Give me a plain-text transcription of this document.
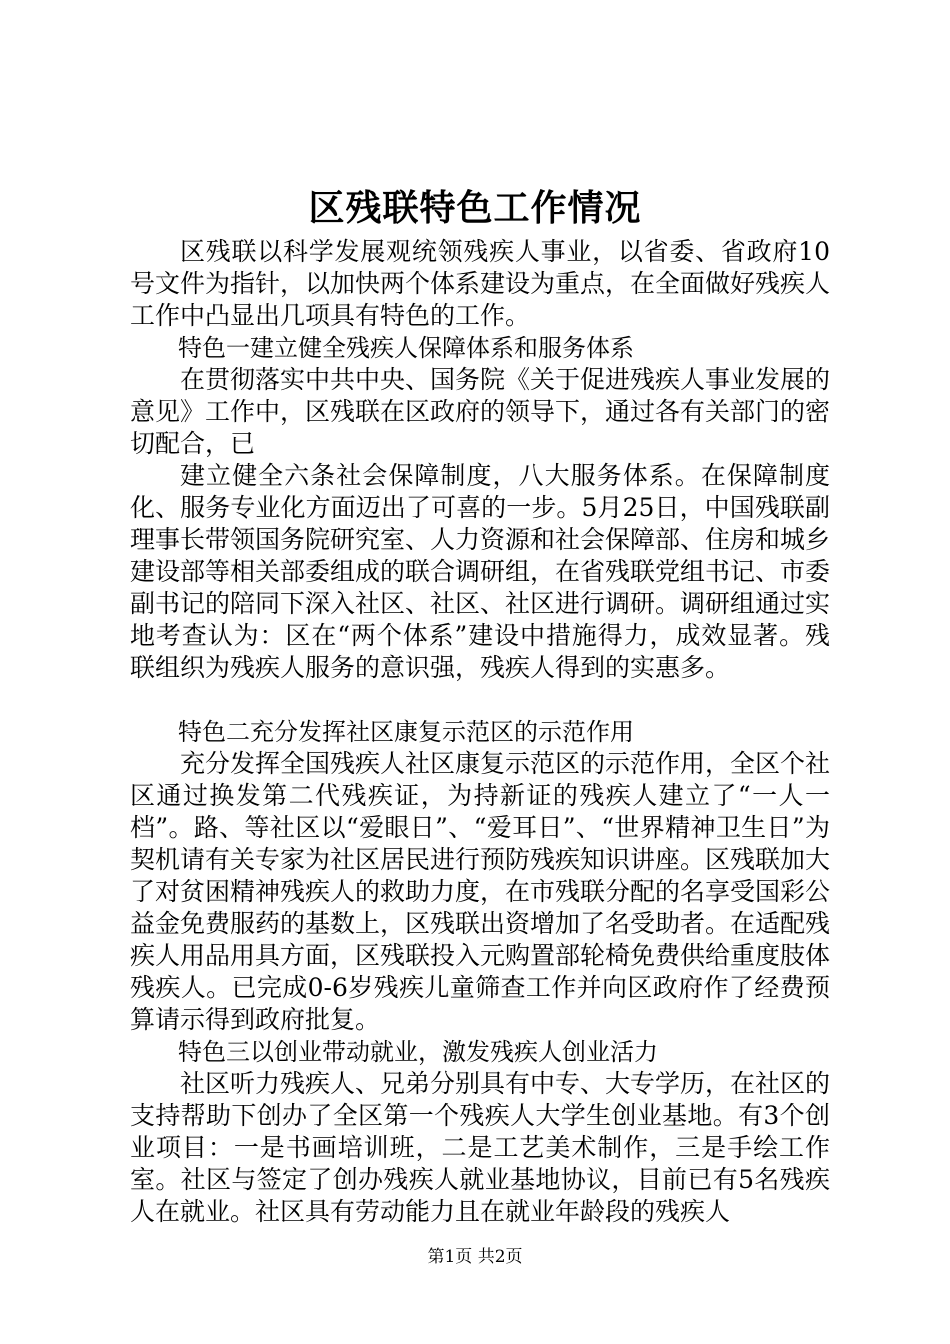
区残联特色工作情况

区残联以科学发展观统领残疾人事业，以省委、省政府10号文件为指针，以加快两个体系建设为重点，在全面做好残疾人工作中凸显出几项具有特色的工作。

特色一建立健全残疾人保障体系和服务体系

在贯彻落实中共中央、国务院《关于促进残疾人事业发展的意见》工作中，区残联在区政府的领导下，通过各有关部门的密切配合，已

建立健全六条社会保障制度，八大服务体系。在保障制度化、服务专业化方面迈出了可喜的一步。5月25日，中国残联副理事长带领国务院研究室、人力资源和社会保障部、住房和城乡建设部等相关部委组成的联合调研组，在省残联党组书记、市委副书记的陪同下深入社区、社区、社区进行调研。调研组通过实地考查认为：区在“两个体系”建设中措施得力，成效显著。残联组织为残疾人服务的意识强，残疾人得到的实惠多。

特色二充分发挥社区康复示范区的示范作用

充分发挥全国残疾人社区康复示范区的示范作用，全区个社区通过换发第二代残疾证，为持新证的残疾人建立了“一人一档”。路、等社区以“爱眼日”、“爱耳日”、“世界精神卫生日”为契机请有关专家为社区居民进行预防残疾知识讲座。区残联加大了对贫困精神残疾人的救助力度，在市残联分配的名享受国彩公益金免费服药的基数上，区残联出资增加了名受助者。在适配残疾人用品用具方面，区残联投入元购置部轮椅免费供给重度肢体残疾人。已完成0-6岁残疾儿童筛查工作并向区政府作了经费预算请示得到政府批复。

特色三以创业带动就业，激发残疾人创业活力

社区听力残疾人、兄弟分别具有中专、大专学历，在社区的支持帮助下创办了全区第一个残疾人大学生创业基地。有3个创业项目：一是书画培训班，二是工艺美术制作，三是手绘工作室。社区与签定了创办残疾人就业基地协议，目前已有5名残疾人在就业。社区具有劳动能力且在就业年龄段的残疾人

第1页 共2页
